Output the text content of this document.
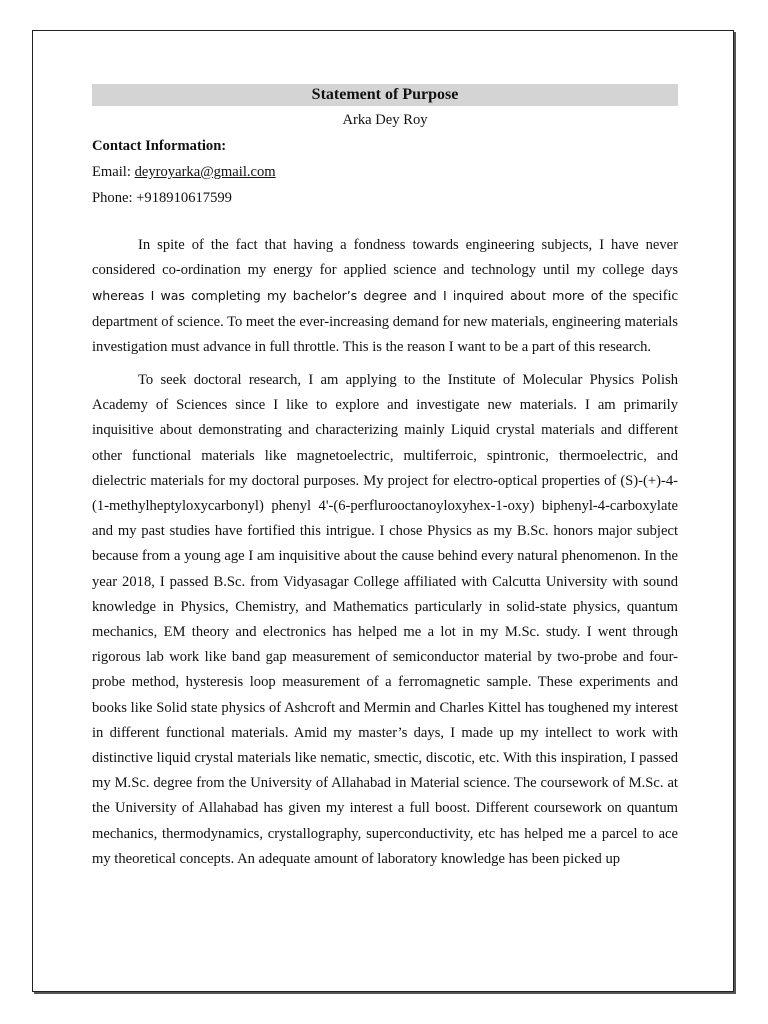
Statement of Purpose
Arka Dey Roy
Contact Information:
Email: deyroyarka@gmail.com
Phone: +918910617599

In spite of the fact that having a fondness towards engineering subjects, I have never considered co-ordination my energy for applied science and technology until my college days whereas I was completing my bachelor’s degree and I inquired about more of the specific department of science. To meet the ever-increasing demand for new materials, engineering materials investigation must advance in full throttle. This is the reason I want to be a part of this research.

To seek doctoral research, I am applying to the Institute of Molecular Physics Polish Academy of Sciences since I like to explore and investigate new materials. I am primarily inquisitive about demonstrating and characterizing mainly Liquid crystal materials and different other functional materials like magnetoelectric, multiferroic, spintronic, thermoelectric, and dielectric materials for my doctoral purposes. My project for electro-optical properties of (S)-(+)-4-(1-methylheptyloxycarbonyl) phenyl 4'-(6-perflurooctanoyloxyhex-1-oxy) biphenyl-4-carboxylate and my past studies have fortified this intrigue. I chose Physics as my B.Sc. honors major subject because from a young age I am inquisitive about the cause behind every natural phenomenon. In the year 2018, I passed B.Sc. from Vidyasagar College affiliated with Calcutta University with sound knowledge in Physics, Chemistry, and Mathematics particularly in solid-state physics, quantum mechanics, EM theory and electronics has helped me a lot in my M.Sc. study. I went through rigorous lab work like band gap measurement of semiconductor material by two-probe and four-probe method, hysteresis loop measurement of a ferromagnetic sample. These experiments and books like Solid state physics of Ashcroft and Mermin and Charles Kittel has toughened my interest in different functional materials. Amid my master’s days, I made up my intellect to work with distinctive liquid crystal materials like nematic, smectic, discotic, etc. With this inspiration, I passed my M.Sc. degree from the University of Allahabad in Material science. The coursework of M.Sc. at the University of Allahabad has given my interest a full boost. Different coursework on quantum mechanics, thermodynamics, crystallography, superconductivity, etc has helped me a parcel to ace my theoretical concepts. An adequate amount of laboratory knowledge has been picked up
